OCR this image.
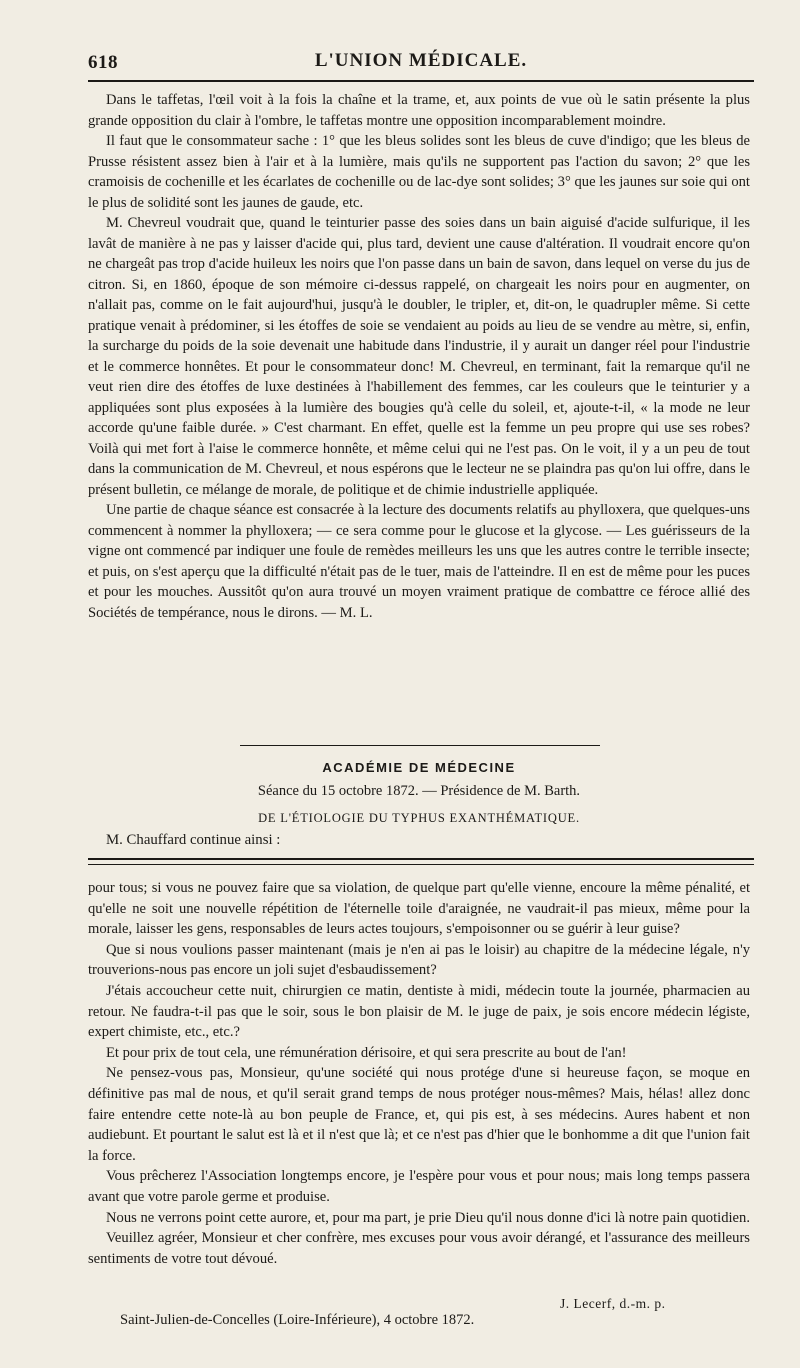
618	L'UNION MÉDICALE.

Dans le taffetas, l'œil voit à la fois la chaîne et la trame, et, aux points de vue où le satin présente la plus grande opposition du clair à l'ombre, le taffetas montre une opposition incomparablement moindre.

Il faut que le consommateur sache : 1° que les bleus solides sont les bleus de cuve d'indigo; que les bleus de Prusse résistent assez bien à l'air et à la lumière, mais qu'ils ne supportent pas l'action du savon; 2° que les cramoisis de cochenille et les écarlates de cochenille ou de lac-dye sont solides; 3° que les jaunes sur soie qui ont le plus de solidité sont les jaunes de gaude, etc.

M. Chevreul voudrait que, quand le teinturier passe des soies dans un bain aiguisé d'acide sulfurique, il les lavât de manière à ne pas y laisser d'acide qui, plus tard, devient une cause d'altération. Il voudrait encore qu'on ne chargeât pas trop d'acide huileux les noirs que l'on passe dans un bain de savon, dans lequel on verse du jus de citron. Si, en 1860, époque de son mémoire ci-dessus rappelé, on chargeait les noirs pour en augmenter, on n'allait pas, comme on le fait aujourd'hui, jusqu'à le doubler, le tripler, et, dit-on, le quadrupler même. Si cette pratique venait à prédominer, si les étoffes de soie se vendaient au poids au lieu de se vendre au mètre, si, enfin, la surcharge du poids de la soie devenait une habitude dans l'industrie, il y aurait un danger réel pour l'industrie et le commerce honnêtes. Et pour le consommateur donc! M. Chevreul, en terminant, fait la remarque qu'il ne veut rien dire des étoffes de luxe destinées à l'habillement des femmes, car les couleurs que le teinturier y a appliquées sont plus exposées à la lumière des bougies qu'à celle du soleil, et, ajoute-t-il, « la mode ne leur accorde qu'une faible durée. » C'est charmant. En effet, quelle est la femme un peu propre qui use ses robes? Voilà qui met fort à l'aise le commerce honnête, et même celui qui ne l'est pas. On le voit, il y a un peu de tout dans la communication de M. Chevreul, et nous espérons que le lecteur ne se plaindra pas qu'on lui offre, dans le présent bulletin, ce mélange de morale, de politique et de chimie industrielle appliquée.

Une partie de chaque séance est consacrée à la lecture des documents relatifs au phylloxera, que quelques-uns commencent à nommer la phylloxera; — ce sera comme pour le glucose et la glycose. — Les guérisseurs de la vigne ont commencé par indiquer une foule de remèdes meilleurs les uns que les autres contre le terrible insecte; et puis, on s'est aperçu que la difficulté n'était pas de le tuer, mais de l'atteindre. Il en est de même pour les puces et pour les mouches. Aussitôt qu'on aura trouvé un moyen vraiment pratique de combattre ce féroce allié des Sociétés de tempérance, nous le dirons. — M. L.

ACADÉMIE DE MÉDECINE
Séance du 15 octobre 1872. — Présidence de M. Barth.
DE L'ÉTIOLOGIE DU TYPHUS EXANTHÉMATIQUE.
M. Chauffard continue ainsi :

pour tous; si vous ne pouvez faire que sa violation, de quelque part qu'elle vienne, encoure la même pénalité, et qu'elle ne soit une nouvelle répétition de l'éternelle toile d'araignée, ne vaudrait-il pas mieux, même pour la morale, laisser les gens, responsables de leurs actes toujours, s'empoisonner ou se guérir à leur guise?

Que si nous voulions passer maintenant (mais je n'en ai pas le loisir) au chapitre de la médecine légale, n'y trouverions-nous pas encore un joli sujet d'esbaudissement?

J'étais accoucheur cette nuit, chirurgien ce matin, dentiste à midi, médecin toute la journée, pharmacien au retour. Ne faudra-t-il pas que le soir, sous le bon plaisir de M. le juge de paix, je sois encore médecin légiste, expert chimiste, etc., etc.?

Et pour prix de tout cela, une rémunération dérisoire, et qui sera prescrite au bout de l'an!

Ne pensez-vous pas, Monsieur, qu'une société qui nous protége d'une si heureuse façon, se moque en définitive pas mal de nous, et qu'il serait grand temps de nous protéger nous-mêmes? Mais, hélas! allez donc faire entendre cette note-là au bon peuple de France, et, qui pis est, à ses médecins. Aures habent et non audiebunt. Et pourtant le salut est là et il n'est que là; et ce n'est pas d'hier que le bonhomme a dit que l'union fait la force.

Vous prêcherez l'Association longtemps encore, je l'espère pour vous et pour nous; mais long temps passera avant que votre parole germe et produise.

Nous ne verrons point cette aurore, et, pour ma part, je prie Dieu qu'il nous donne d'ici là notre pain quotidien.

Veuillez agréer, Monsieur et cher confrère, mes excuses pour vous avoir dérangé, et l'assurance des meilleurs sentiments de votre tout dévoué.

J. Lecerf, d.-m. p.
Saint-Julien-de-Concelles (Loire-Inférieure), 4 octobre 1872.
